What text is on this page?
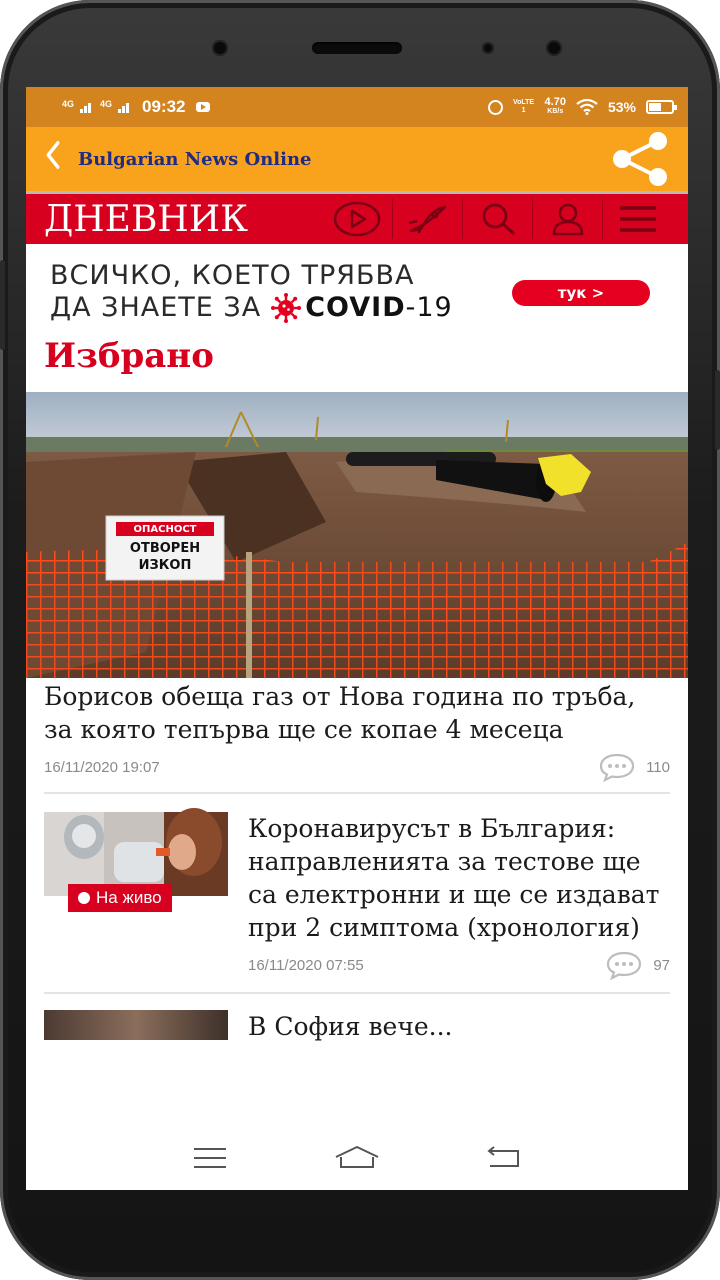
4G	4G 09:32	VoLTE1
4.70
KB/s	53%
Bulgarian News Online
ДНЕВНИК
ВСИЧКО, КОЕТО ТРЯБВА
ДА ЗНАЕТЕ ЗА COVID -19	тук >
Избрано
ОПАСНОСТ
ОТВОРЕН
ИЗКОП
Борисов обеща газ от Нова година по тръба, за която тепърва ще се копае 4 месеца
16/11/2020 19:07	110
На живо
Коронавирусът в България: направленията за тестове ще са електронни и ще се издават при 2 симптома (хронология)
16/11/2020 07:55	97
В София вече...
